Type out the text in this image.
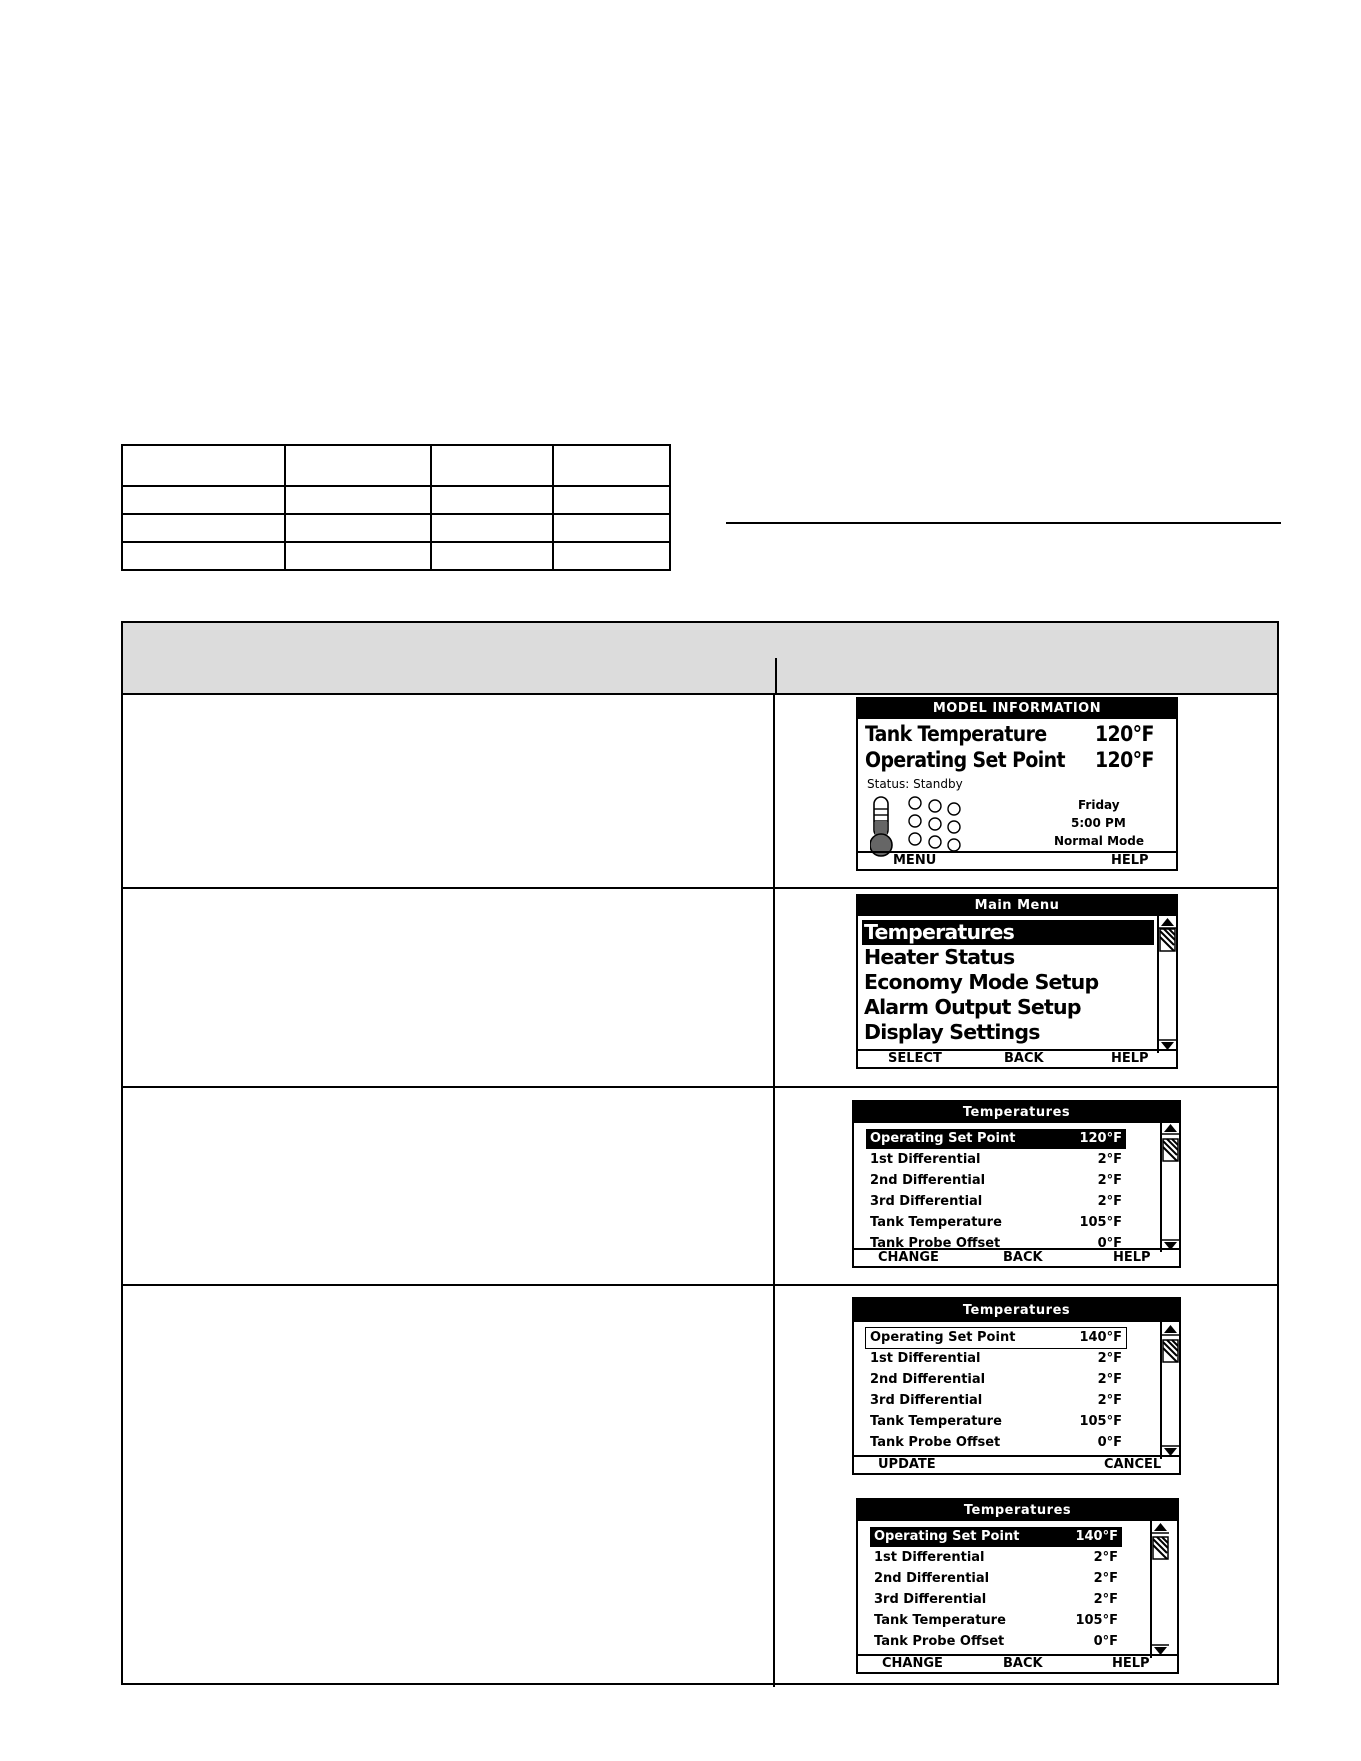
MODEL INFORMATION
Tank Temperature 120°F
Operating Set Point 120°F
Status: Standby
Friday
5:00 PM
Normal Mode
MENU	HELP
Main Menu
Temperatures
Heater Status
Economy Mode Setup
Alarm Output Setup
Display Settings
SELECT	BACK	HELP
Temperatures
Operating Set Point	120°F
1st Differential	2°F
2nd Differential	2°F
3rd Differential	2°F
Tank Temperature	105°F
Tank Probe Offset	0°F
CHANGE	BACK	HELP
Temperatures
Operating Set Point	140°F
1st Differential	2°F
2nd Differential	2°F
3rd Differential	2°F
Tank Temperature	105°F
Tank Probe Offset	0°F
UPDATE	CANCEL
Temperatures
Operating Set Point	140°F
1st Differential	2°F
2nd Differential	2°F
3rd Differential	2°F
Tank Temperature	105°F
Tank Probe Offset	0°F
CHANGE	BACK	HELP
